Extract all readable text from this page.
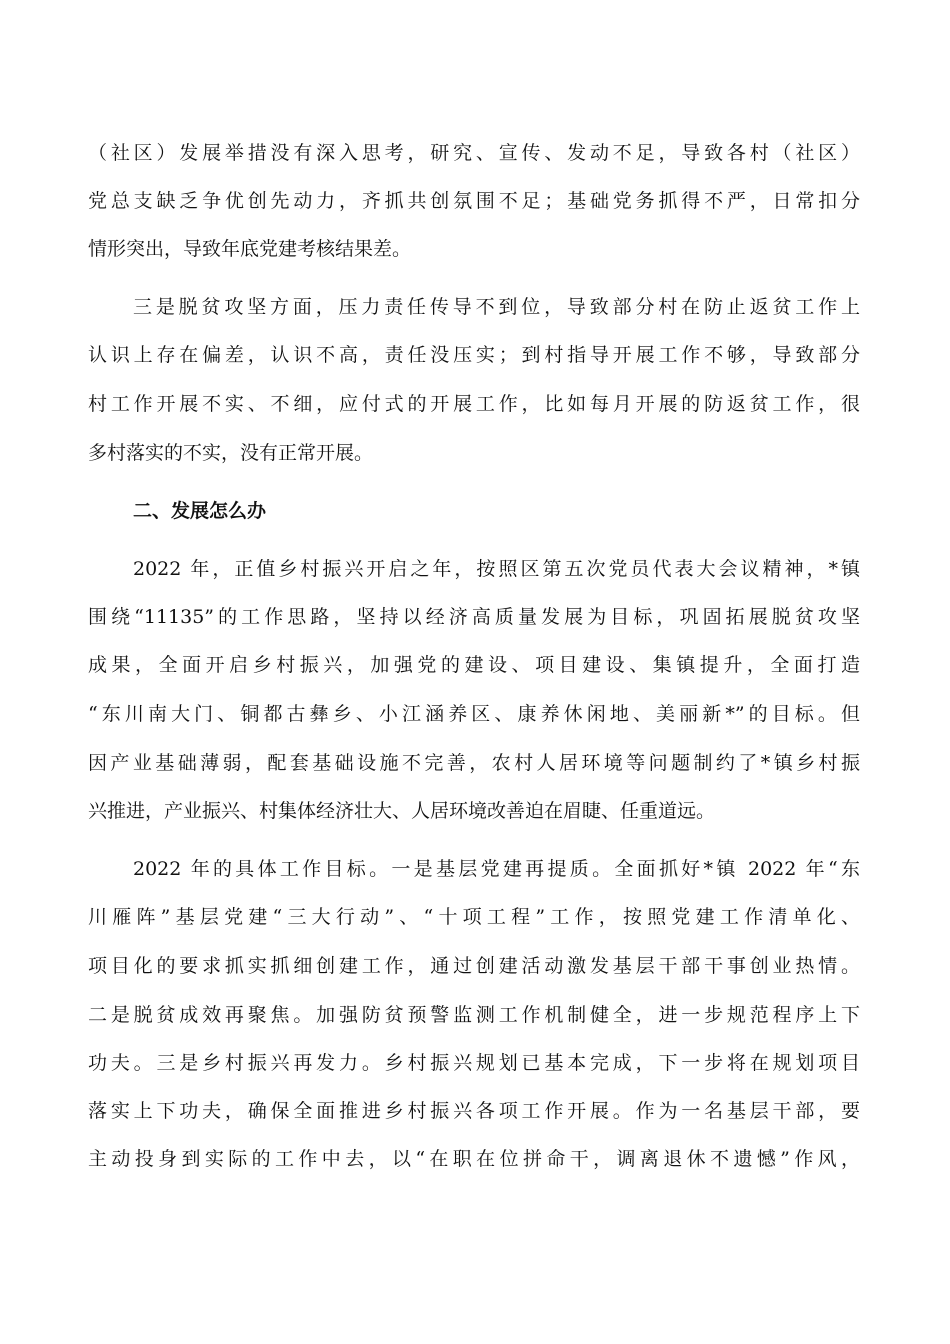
（社区）发展举措没有深入思考，研究、宣传、发动不足，导致各村（社区）
党总支缺乏争优创先动力，齐抓共创氛围不足；基础党务抓得不严，日常扣分
情形突出，导致年底党建考核结果差。
三是脱贫攻坚方面，压力责任传导不到位，导致部分村在防止返贫工作上
认识上存在偏差，认识不高，责任没压实；到村指导开展工作不够，导致部分
村工作开展不实、不细，应付式的开展工作，比如每月开展的防返贫工作，很
多村落实的不实，没有正常开展。
二、发展怎么办
2022 年，正值乡村振兴开启之年，按照区第五次党员代表大会议精神，*镇
围绕“11135”的工作思路，坚持以经济高质量发展为目标，巩固拓展脱贫攻坚
成果，全面开启乡村振兴，加强党的建设、项目建设、集镇提升，全面打造
“东川南大门、铜都古彝乡、小江涵养区、康养休闲地、美丽新*”的目标。但
因产业基础薄弱，配套基础设施不完善，农村人居环境等问题制约了*镇乡村振
兴推进，产业振兴、村集体经济壮大、人居环境改善迫在眉睫、任重道远。
2022 年的具体工作目标。一是基层党建再提质。全面抓好*镇 2022 年“东
川雁阵”基层党建“三大行动”、“十项工程”工作，按照党建工作清单化、
项目化的要求抓实抓细创建工作，通过创建活动激发基层干部干事创业热情。
二是脱贫成效再聚焦。加强防贫预警监测工作机制健全，进一步规范程序上下
功夫。三是乡村振兴再发力。乡村振兴规划已基本完成，下一步将在规划项目
落实上下功夫，确保全面推进乡村振兴各项工作开展。作为一名基层干部，要
主动投身到实际的工作中去，以“在职在位拼命干，调离退休不遗憾”作风，
